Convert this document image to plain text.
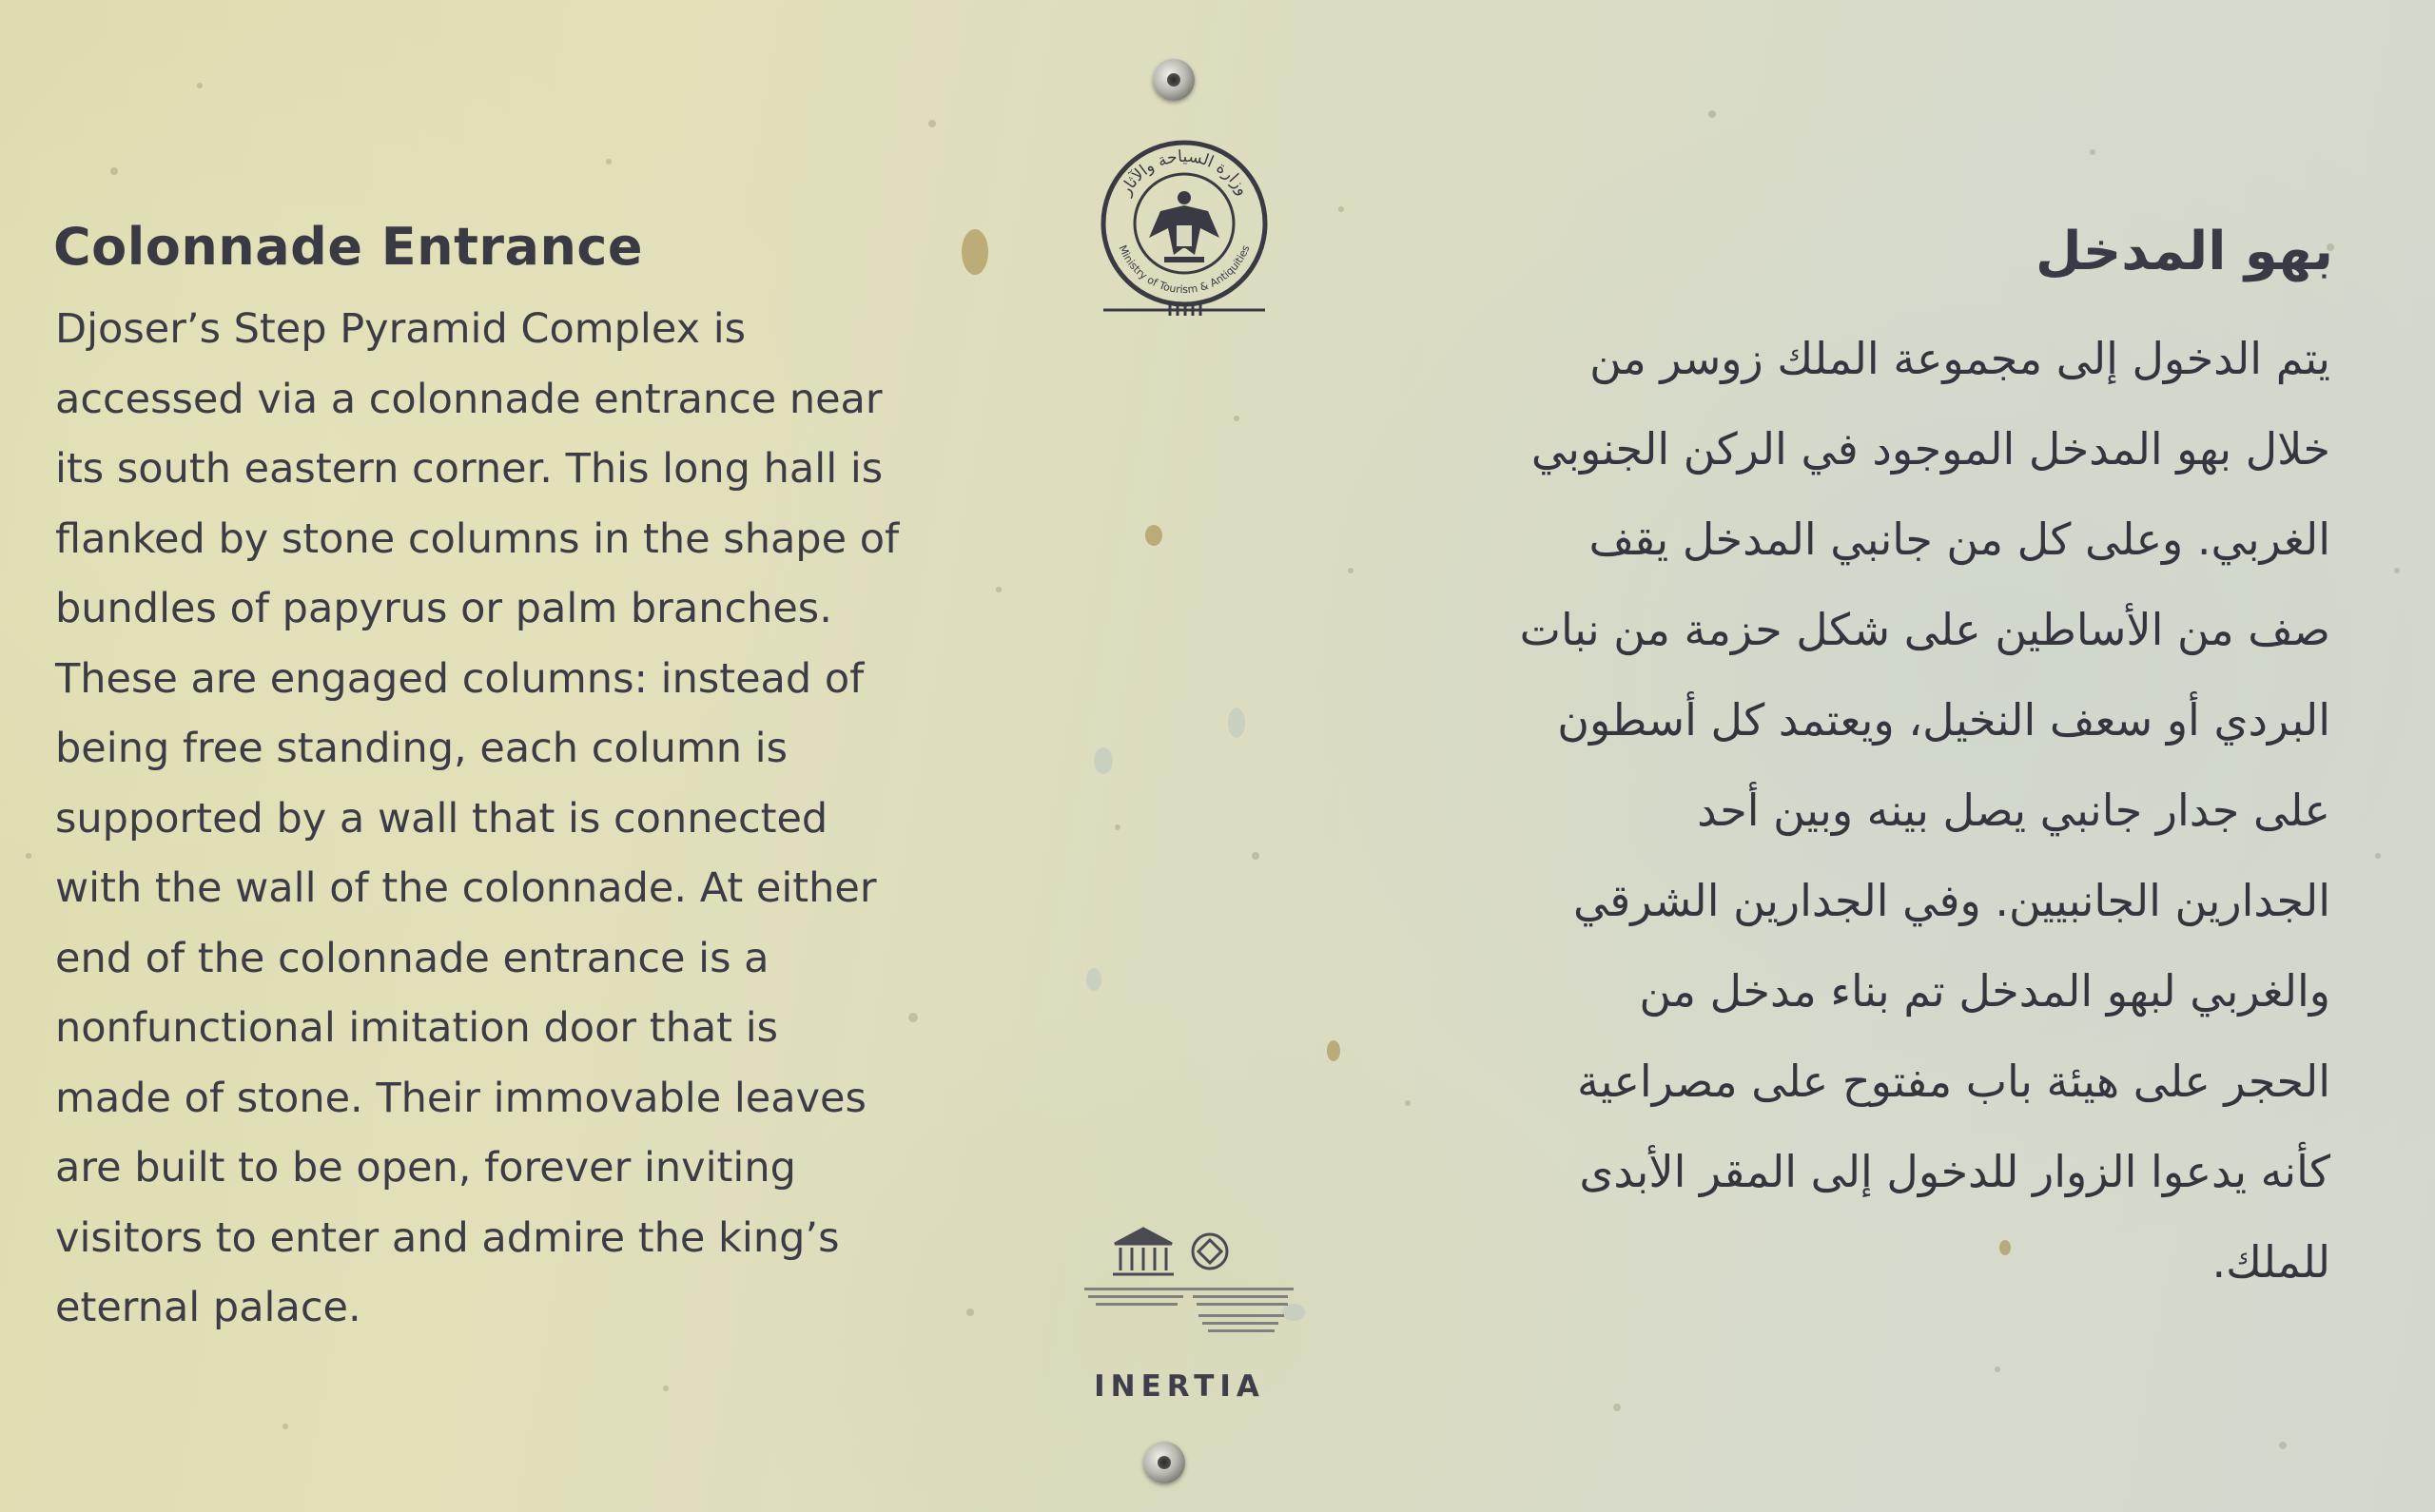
Colonnade Entrance
Djoser’s Step Pyramid Complex is
accessed via a colonnade entrance near
its south eastern corner. This long hall is
flanked by stone columns in the shape of
bundles of papyrus or palm branches.
These are engaged columns: instead of
being free standing, each column is
supported by a wall that is connected
with the wall of the colonnade. At either
end of the colonnade entrance is a
nonfunctional imitation door that is
made of stone. Their immovable leaves
are built to be open, forever inviting
visitors to enter and admire the king’s
eternal palace.
وزارة السياحة والآثار
Ministry of Tourism & Antiquities	بهو المدخل
يتم الدخول إلى مجموعة الملك زوسر من
خلال بهو المدخل الموجود في الركن الجنوبي
الغربي. وعلى كل من جانبي المدخل يقف
صف من الأساطين على شكل حزمة من نبات
البردي أو سعف النخيل، ويعتمد كل أسطون
على جدار جانبي يصل بينه وبين أحد
الجدارين الجانبيين. وفي الجدارين الشرقي
والغربي لبهو المدخل تم بناء مدخل من
الحجر على هيئة باب مفتوح على مصراعية
كأنه يدعوا الزوار للدخول إلى المقر الأبدى
للملك.
INERTIA
